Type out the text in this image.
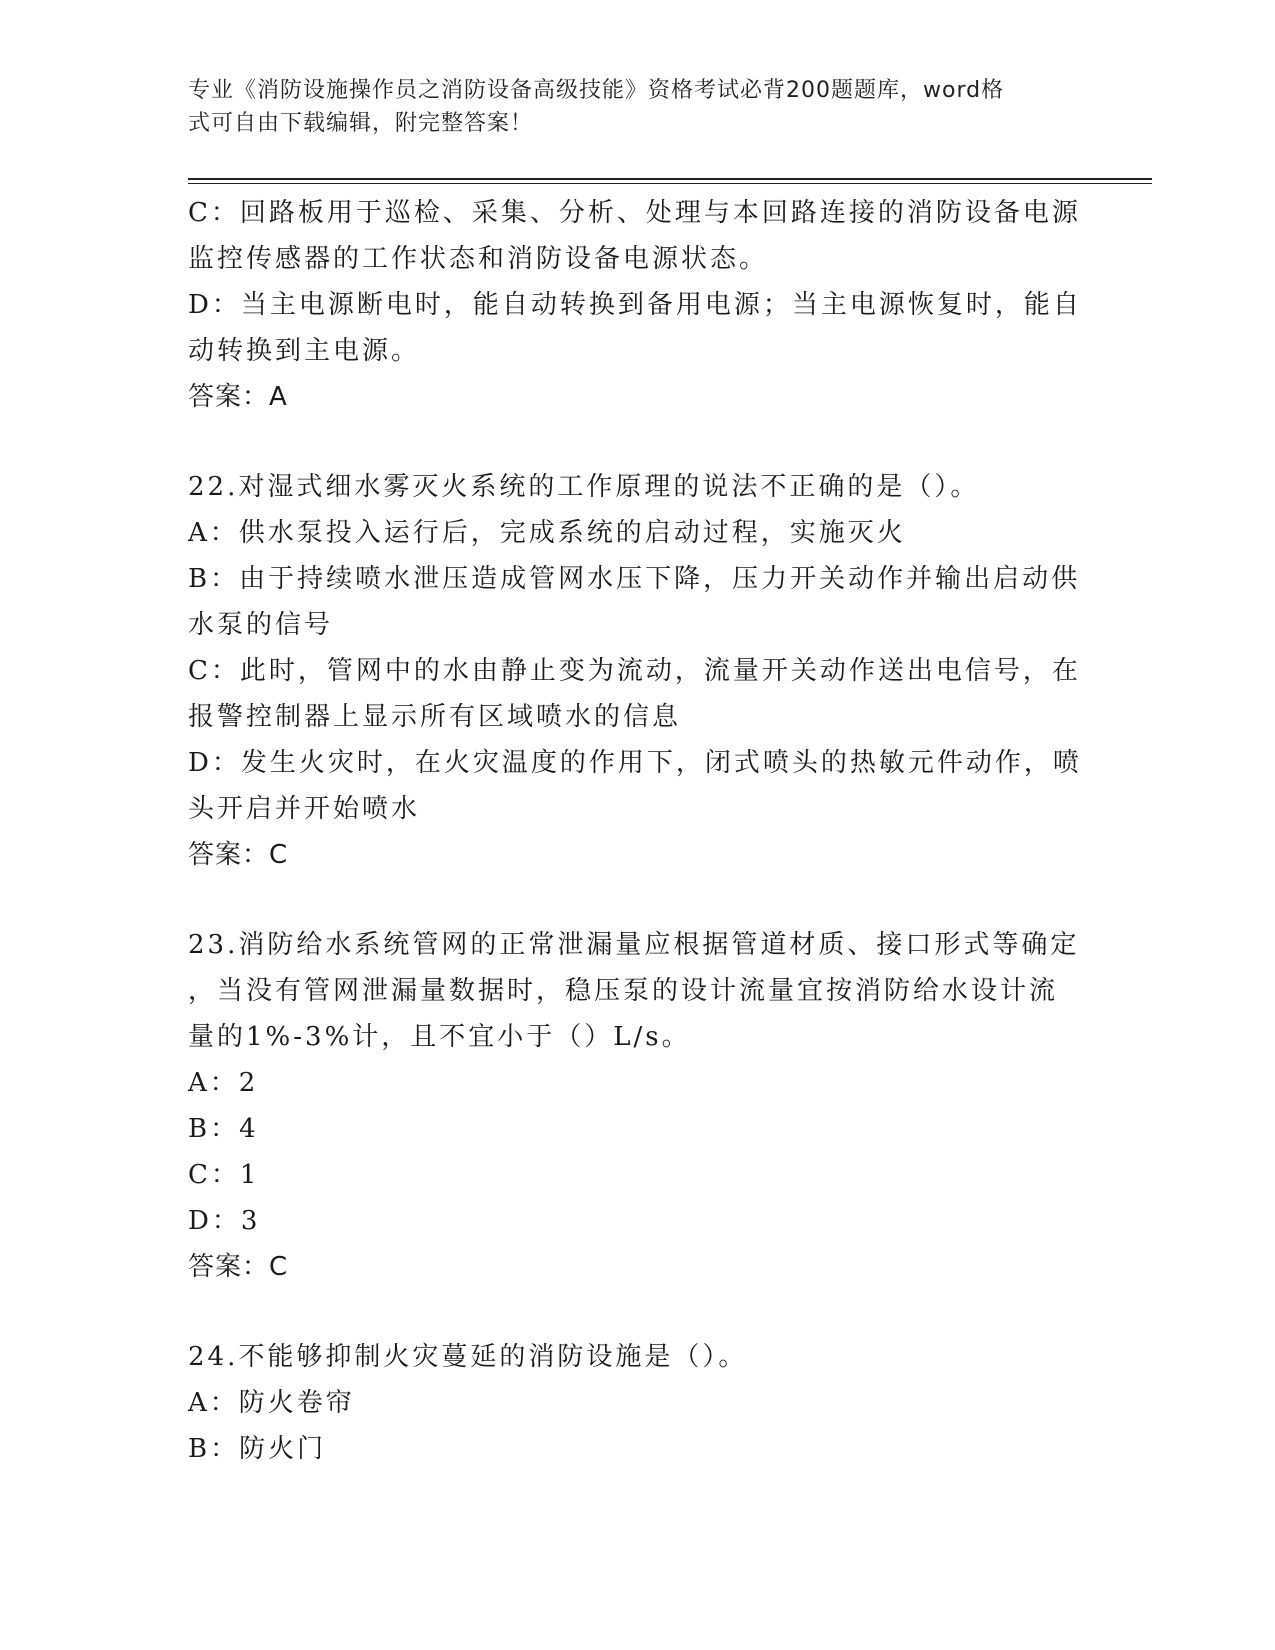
专业《消防设施操作员之消防设备高级技能》资格考试必背200题题库，word格
式可自由下载编辑，附完整答案！
C：回路板用于巡检、采集、分析、处理与本回路连接的消防设备电源
监控传感器的工作状态和消防设备电源状态。
D：当主电源断电时，能自动转换到备用电源；当主电源恢复时，能自
动转换到主电源。
答案：A
22.对湿式细水雾灭火系统的工作原理的说法不正确的是（）。
A：供水泵投入运行后，完成系统的启动过程，实施灭火
B：由于持续喷水泄压造成管网水压下降，压力开关动作并输出启动供
水泵的信号
C：此时，管网中的水由静止变为流动，流量开关动作送出电信号，在
报警控制器上显示所有区域喷水的信息
D：发生火灾时，在火灾温度的作用下，闭式喷头的热敏元件动作，喷
头开启并开始喷水
答案：C
23.消防给水系统管网的正常泄漏量应根据管道材质、接口形式等确定
，当没有管网泄漏量数据时，稳压泵的设计流量宜按消防给水设计流
量的1%-3%计，且不宜小于（）L/s。
A：2
B：4
C：1
D：3
答案：C
24.不能够抑制火灾蔓延的消防设施是（）。
A：防火卷帘
B：防火门
